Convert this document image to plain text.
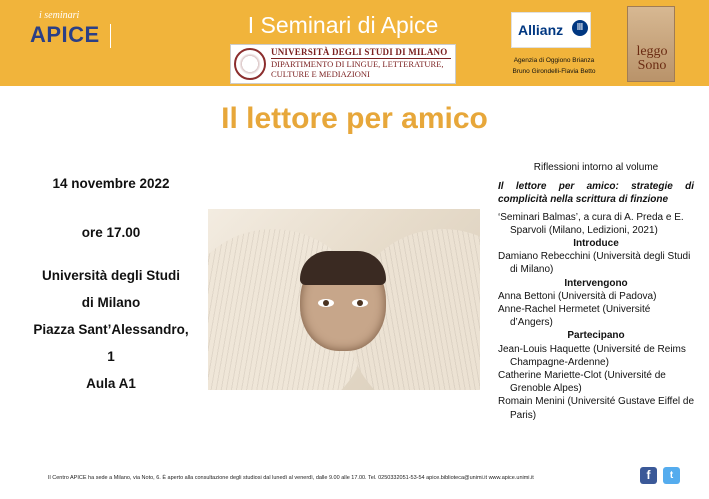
i seminari
APICE	I Seminari di Apice
UNIVERSITÀ DEGLI STUDI DI MILANO
DIPARTIMENTO DI LINGUE, LETTERATURE, CULTURE E MEDIAZIONI
Allianz	Ⅲ
Agenzia di Oggiono Brianza
Bruno Girondelli-Flavia Betto
leggo Sono
Il lettore per amico

14 novembre 2022

ore 17.00

Università degli Studi

di Milano

Piazza Sant’Alessandro,

1

Aula A1

Riflessioni intorno al volume
Il lettore per amico: strategie di complicità nella scrittura di finzione
‘Seminari Balmas’, a cura di A. Preda e E. Sparvoli (Milano, Ledizioni, 2021)
Introduce
Damiano Rebecchini (Università degli Studi di Milano)
Intervengono
Anna Bettoni (Università di Padova)
Anne-Rachel Hermetet (Université d’Angers)
Partecipano
Jean-Louis Haquette (Université de Reims Champagne-Ardenne)
Catherine Mariette-Clot (Université de Grenoble Alpes)
Romain Menini (Université Gustave Eiffel de Paris)
Il Centro APICE ha sede a Milano, via Noto, 6. È aperto alla consultazione degli studiosi dal lunedì al venerdì, dalle 9.00 alle 17.00. Tel. 0250332051-53-54 apice.biblioteca@unimi.it www.apice.unimi.it	f	t
